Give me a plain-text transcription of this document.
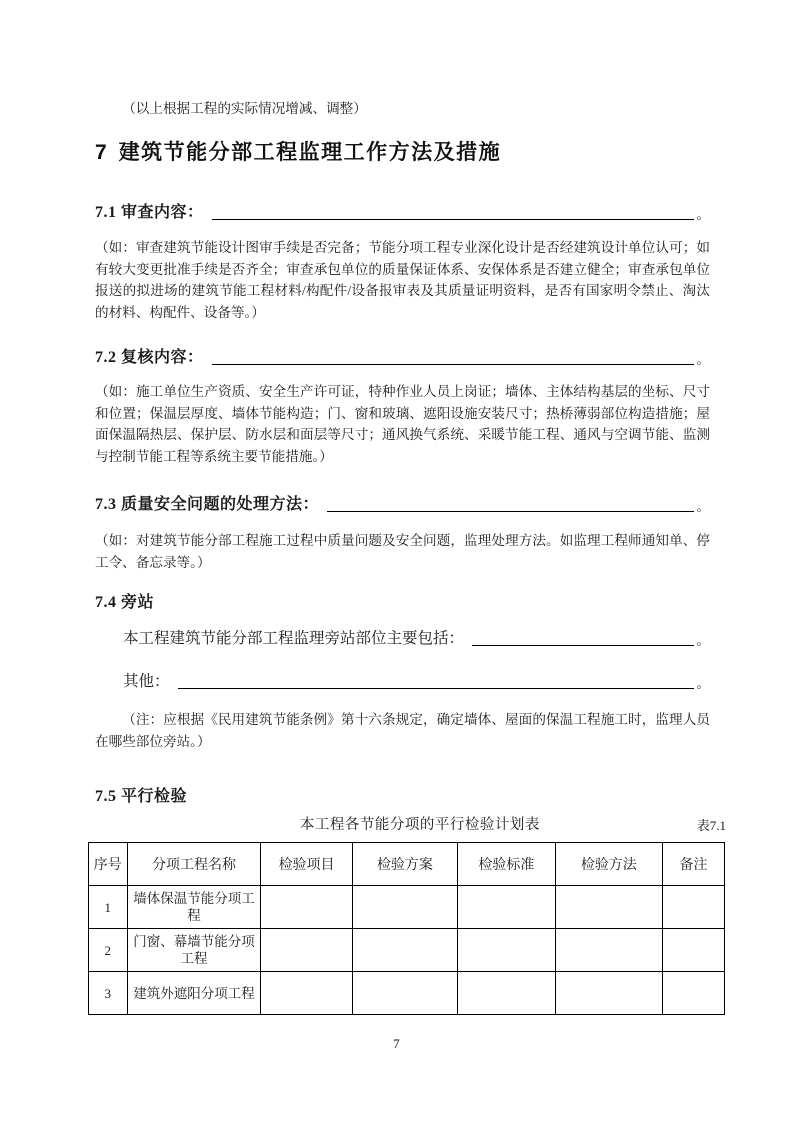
（以上根据工程的实际情况增减、调整）
7 建筑节能分部工程监理工作方法及措施
7.1 审查内容：	。
（如：审查建筑节能设计图审手续是否完备；节能分项工程专业深化设计是否经建筑设计单位认可；如有较大变更批准手续是否齐全；审查承包单位的质量保证体系、安保体系是否建立健全；审查承包单位报送的拟进场的建筑节能工程材料/构配件/设备报审表及其质量证明资料，是否有国家明令禁止、淘汰的材料、构配件、设备等。）
7.2 复核内容：	。
（如：施工单位生产资质、安全生产许可证，特种作业人员上岗证；墙体、主体结构基层的坐标、尺寸和位置；保温层厚度、墙体节能构造；门、窗和玻璃、遮阳设施安装尺寸；热桥薄弱部位构造措施；屋面保温隔热层、保护层、防水层和面层等尺寸；通风换气系统、采暖节能工程、通风与空调节能、监测与控制节能工程等系统主要节能措施。）
7.3 质量安全问题的处理方法：	。
（如：对建筑节能分部工程施工过程中质量问题及安全问题，监理处理方法。如监理工程师通知单、停工令、备忘录等。）
7.4 旁站
本工程建筑节能分部工程监理旁站部位主要包括：	。
其他：	。
（注：应根据《民用建筑节能条例》第十六条规定，确定墙体、屋面的保温工程施工时，监理人员在哪些部位旁站。）
7.5 平行检验
本工程各节能分项的平行检验计划表	表7.1
序号	分项工程名称	检验项目	检验方案	检验标准	检验方法	备注
1	墙体保温节能分项工程					
2	门窗、幕墙节能分项工程					
3	建筑外遮阳分项工程					
7
